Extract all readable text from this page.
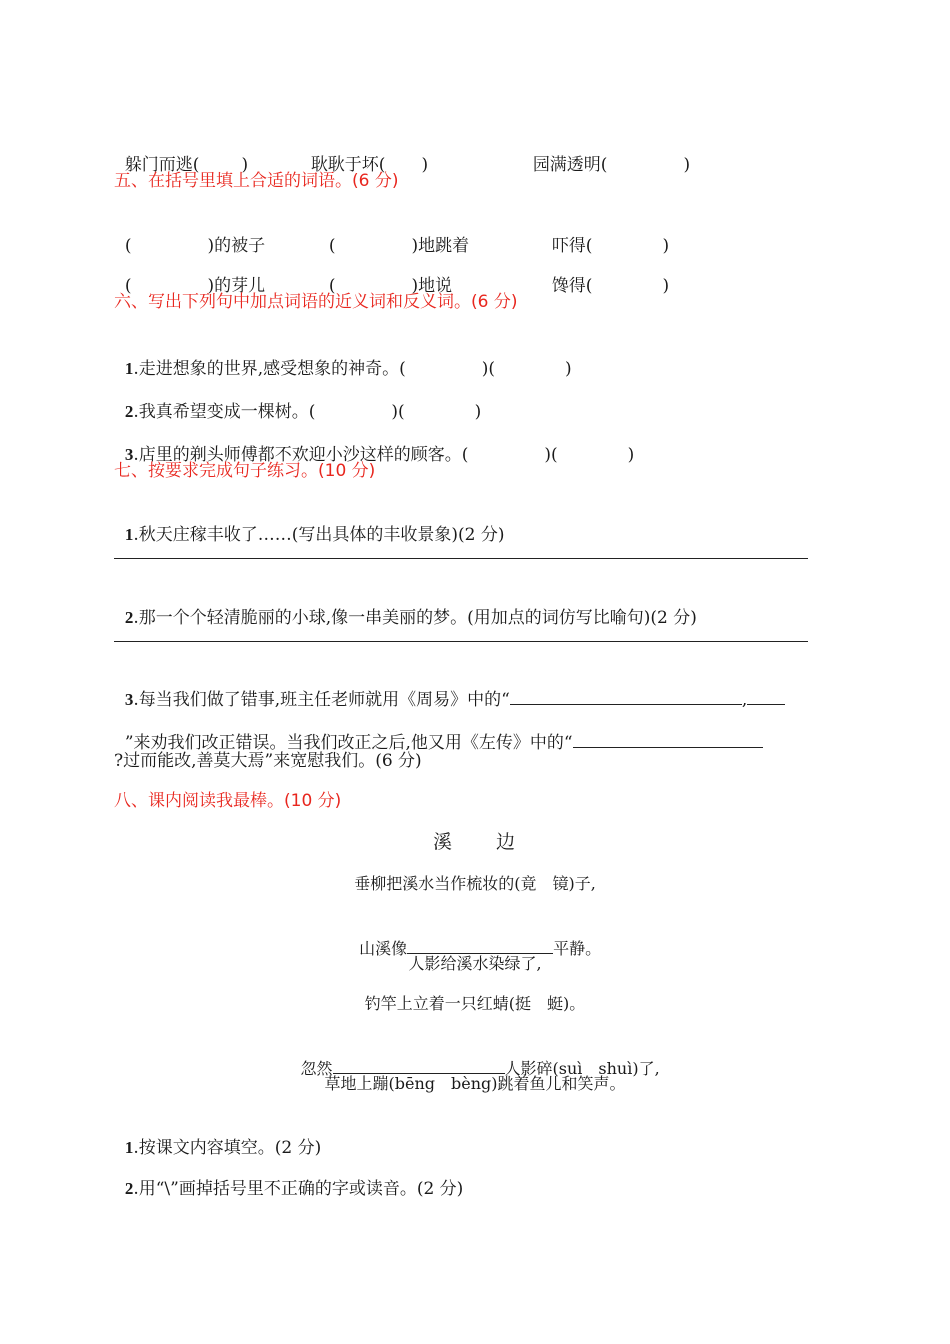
躲门而逃( )	耿耿于坏( )	园满透明(	)

五、在括号里填上合适的词语。(6 分)

(	)的被子	(	)地跳着	吓得(	)

(	)的芽儿	(	)地说	馋得(	)

六、写出下列句中加点词语的近义词和反义词。(6 分)

1.走进想象的世界,感受想象的神奇。(	)(	)

2.我真希望变成一棵树。(	)(	)

3.店里的剃头师傅都不欢迎小沙这样的顾客。(	)(	)

七、按要求完成句子练习。(10 分)

1.秋天庄稼丰收了……(写出具体的丰收景象)(2 分)

2.那一个个轻清脆丽的小球,像一串美丽的梦。(用加点的词仿写比喻句)(2 分)

3.每当我们做了错事,班主任老师就用《周易》中的“	,

”来劝我们改正错误。当我们改正之后,他又用《左传》中的“

?过而能改,善莫大焉”来宽慰我们。(6 分)
八、课内阅读我最棒。(10 分)
溪　　边
垂柳把溪水当作梳妆的(竟　镜)子,

山溪像	平静。

人影给溪水染绿了,
钓竿上立着一只红蜻(挺　蜓)。

忽然	人影碎(suì　shuì)了,

草地上蹦(bēng　bèng)跳着鱼儿和笑声。

1.按课文内容填空。(2 分)

2.用“\”画掉括号里不正确的字或读音。(2 分)
